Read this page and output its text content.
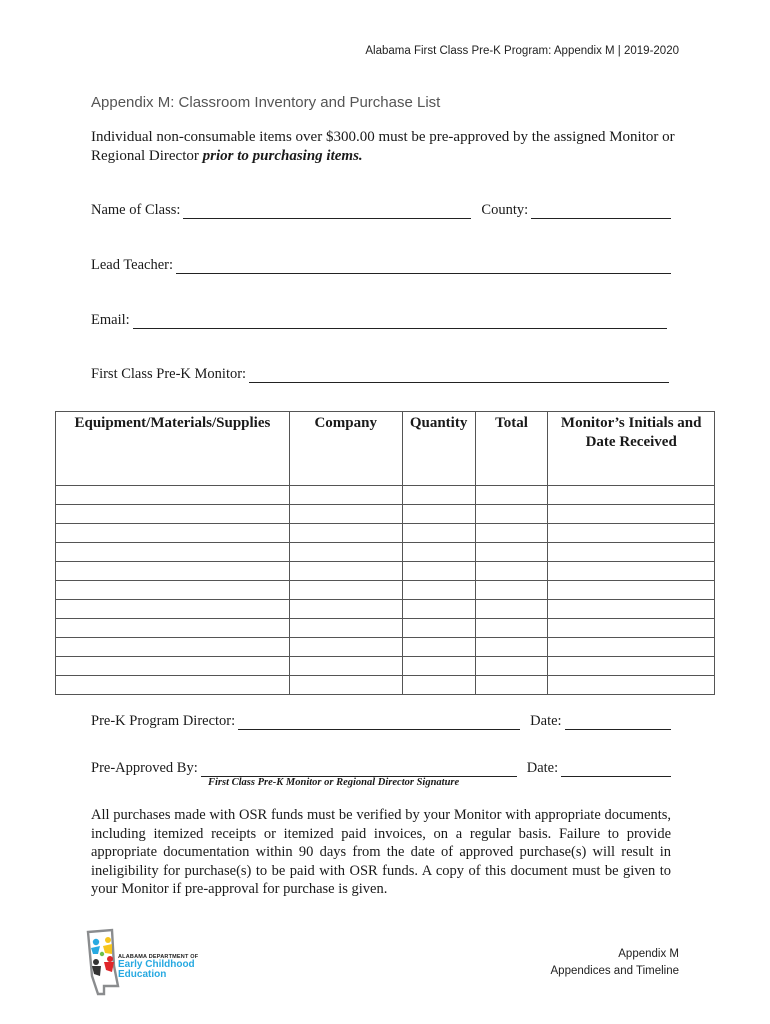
Alabama First Class Pre-K Program: Appendix M | 2019-2020
Appendix M: Classroom Inventory and Purchase List

Individual non-consumable items over $300.00 must be pre-approved by the assigned Monitor or Regional Director prior to purchasing items.

Name of Class:	County:
Lead Teacher:
Email:
First Class Pre-K Monitor:
Equipment/Materials/Supplies	Company	Quantity	Total	Monitor’s Initials and Date Received

Pre-K Program Director:	Date:
Pre-Approved By:	Date:
First Class Pre-K Monitor or Regional Director Signature

All purchases made with OSR funds must be verified by your Monitor with appropriate documents, including itemized receipts or itemized paid invoices, on a regular basis. Failure to provide appropriate documentation within 90 days from the date of approved purchase(s) will result in ineligibility for purchase(s) to be paid with OSR funds. A copy of this document must be given to your Monitor if pre-approval for purchase is given.

ALABAMA DEPARTMENT OF
Early Childhood
Education
Appendix M
Appendices and Timeline
